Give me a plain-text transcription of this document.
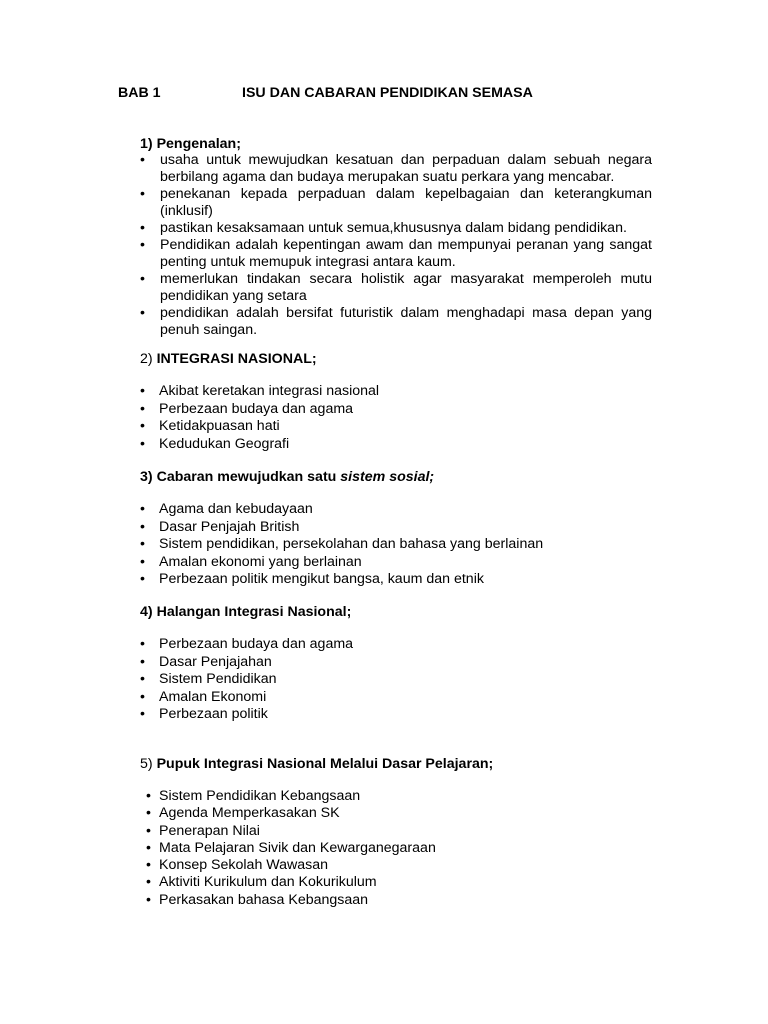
BAB 1	ISU DAN CABARAN PENDIDIKAN SEMASA
1) Pengenalan;
• usaha untuk mewujudkan kesatuan dan perpaduan dalam sebuah negara berbilang agama dan budaya merupakan suatu perkara yang mencabar.
• penekanan kepada perpaduan dalam kepelbagaian dan keterangkuman (inklusif)
• pastikan kesaksamaan untuk semua,khususnya dalam bidang pendidikan.
• Pendidikan adalah kepentingan awam dan mempunyai peranan yang sangat penting untuk memupuk integrasi antara kaum.
• memerlukan tindakan secara holistik agar masyarakat memperoleh mutu pendidikan yang setara
• pendidikan adalah bersifat futuristik dalam menghadapi masa depan yang penuh saingan.
2) INTEGRASI NASIONAL;
• Akibat keretakan integrasi nasional
• Perbezaan budaya dan agama
• Ketidakpuasan hati
• Kedudukan Geografi
3) Cabaran mewujudkan satu sistem sosial;
• Agama dan kebudayaan
• Dasar Penjajah British
• Sistem pendidikan, persekolahan dan bahasa yang berlainan
• Amalan ekonomi yang berlainan
• Perbezaan politik mengikut bangsa, kaum dan etnik
4) Halangan Integrasi Nasional;
• Perbezaan budaya dan agama
• Dasar Penjajahan
• Sistem Pendidikan
• Amalan Ekonomi
• Perbezaan politik
5) Pupuk Integrasi Nasional Melalui Dasar Pelajaran;
• Sistem Pendidikan Kebangsaan
• Agenda Memperkasakan SK
• Penerapan Nilai
• Mata Pelajaran Sivik dan Kewarganegaraan
• Konsep Sekolah Wawasan
• Aktiviti Kurikulum dan Kokurikulum
• Perkasakan bahasa Kebangsaan
